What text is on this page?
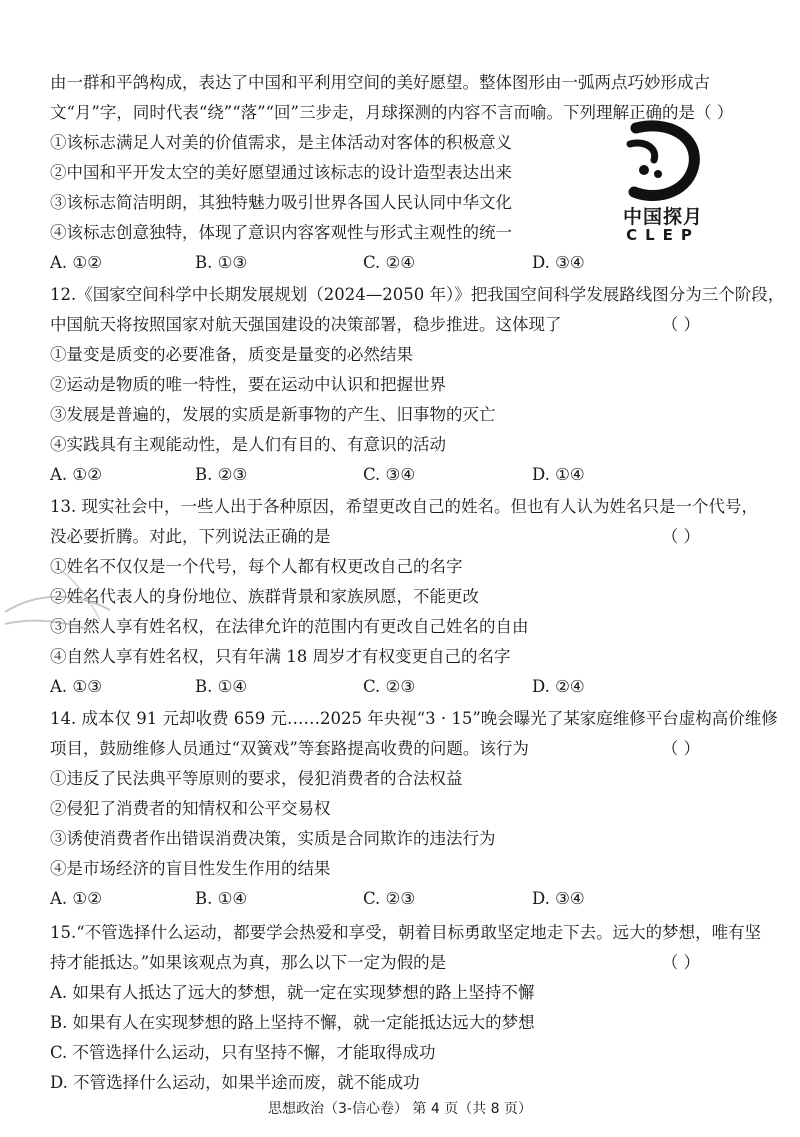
由一群和平鸽构成，表达了中国和平利用空间的美好愿望。整体图形由一弧两点巧妙形成古
文“月”字，同时代表“绕”“落”“回”三步走，月球探测的内容不言而喻。下列理解正确的是（ ）
①该标志满足人对美的价值需求，是主体活动对客体的积极意义
②中国和平开发太空的美好愿望通过该标志的设计造型表达出来
③该标志简洁明朗，其独特魅力吸引世界各国人民认同中华文化
④该标志创意独特，体现了意识内容客观性与形式主观性的统一
A. ①②	B. ①③	C. ②④	D. ③④
中国探月
CLEP
12.《国家空间科学中长期发展规划（2024—2050 年）》把我国空间科学发展路线图分为三个阶段，
中国航天将按照国家对航天强国建设的决策部署，稳步推进。这体现了	（ ）
①量变是质变的必要准备，质变是量变的必然结果
②运动是物质的唯一特性，要在运动中认识和把握世界
③发展是普遍的，发展的实质是新事物的产生、旧事物的灭亡
④实践具有主观能动性，是人们有目的、有意识的活动
A. ①②	B. ②③	C. ③④	D. ①④
13. 现实社会中，一些人出于各种原因，希望更改自己的姓名。但也有人认为姓名只是一个代号，
没必要折腾。对此，下列说法正确的是	（ ）
①姓名不仅仅是一个代号，每个人都有权更改自己的名字
②姓名代表人的身份地位、族群背景和家族夙愿，不能更改
③自然人享有姓名权，在法律允许的范围内有更改自己姓名的自由
④自然人享有姓名权，只有年满 18 周岁才有权变更自己的名字
A. ①③	B. ①④	C. ②③	D. ②④
14. 成本仅 91 元却收费 659 元……2025 年央视“3 · 15”晚会曝光了某家庭维修平台虚构高价维修
项目，鼓励维修人员通过“双簧戏”等套路提高收费的问题。该行为	（ ）
①违反了民法典平等原则的要求，侵犯消费者的合法权益
②侵犯了消费者的知情权和公平交易权
③诱使消费者作出错误消费决策，实质是合同欺诈的违法行为
④是市场经济的盲目性发生作用的结果
A. ①②	B. ①④	C. ②③	D. ③④
15.“不管选择什么运动，都要学会热爱和享受，朝着目标勇敢坚定地走下去。远大的梦想，唯有坚
持才能抵达。”如果该观点为真，那么以下一定为假的是	（ ）
A. 如果有人抵达了远大的梦想，就一定在实现梦想的路上坚持不懈
B. 如果有人在实现梦想的路上坚持不懈，就一定能抵达远大的梦想
C. 不管选择什么运动，只有坚持不懈，才能取得成功
D. 不管选择什么运动，如果半途而废，就不能成功
思想政治（3-信心卷） 第 4 页（共 8 页）
